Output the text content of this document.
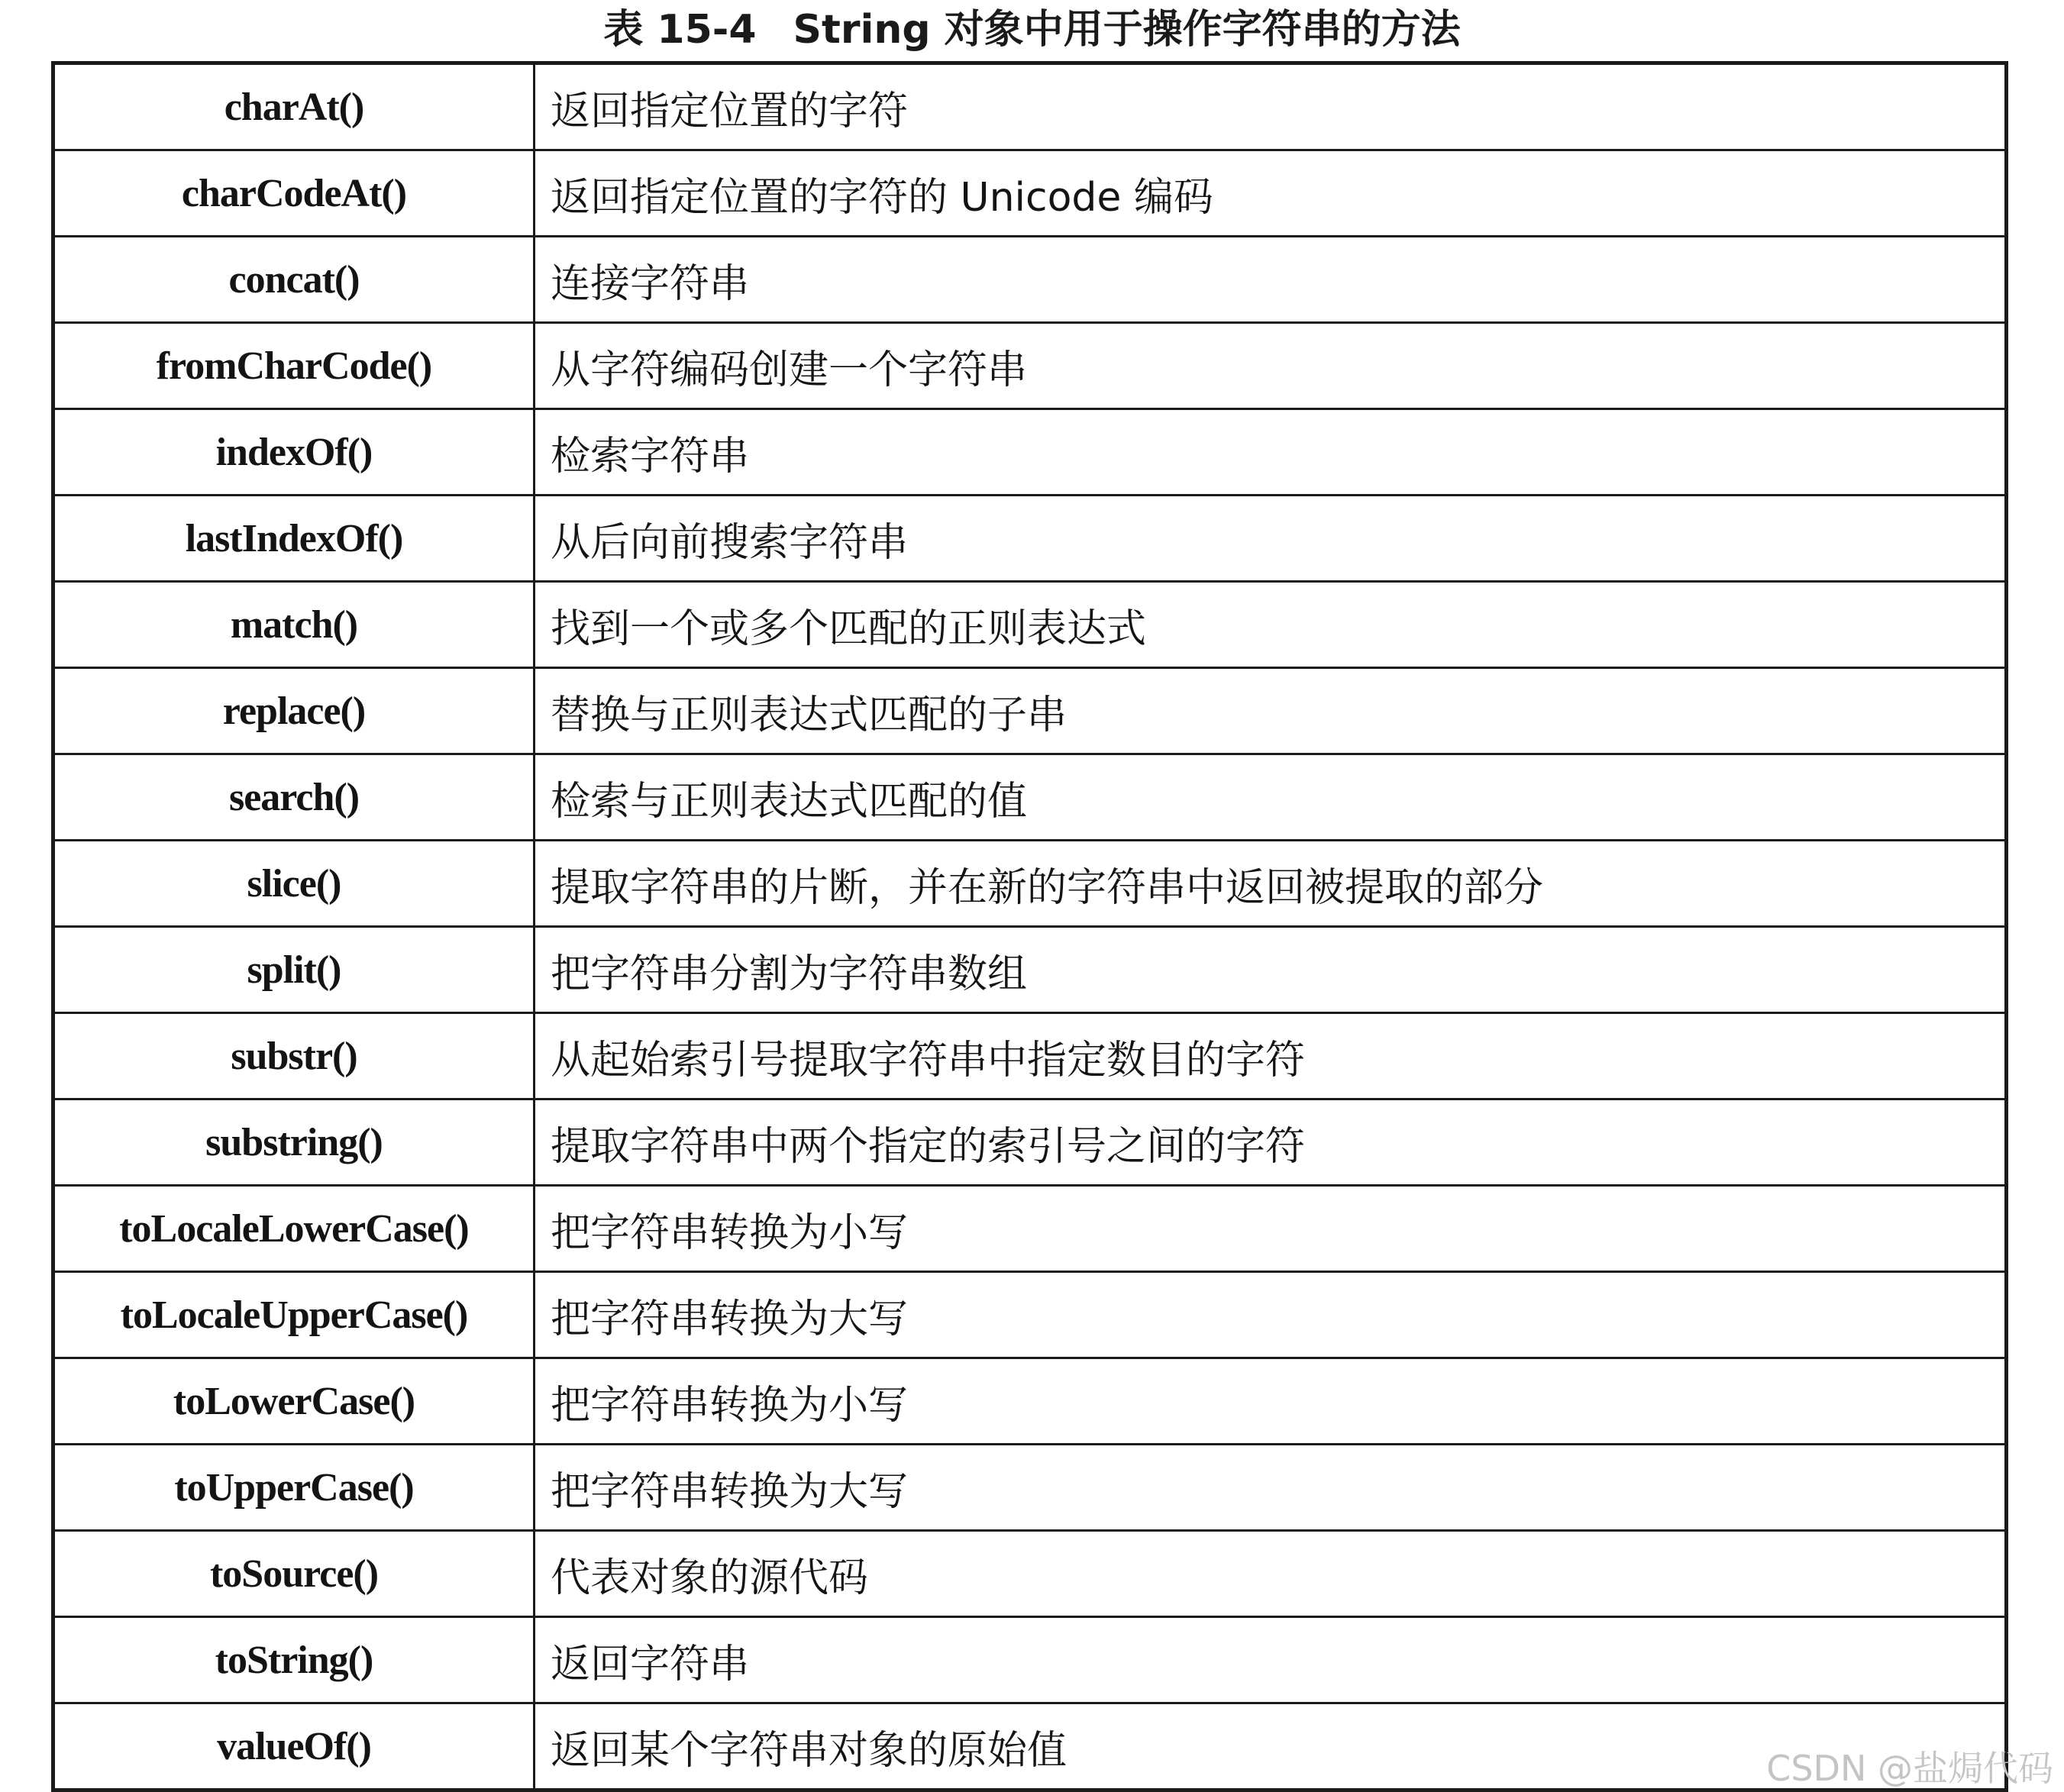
表 15-4 String 对象中用于操作字符串的方法
charAt()	返回指定位置的字符
charCodeAt()	返回指定位置的字符的 Unicode 编码
concat()	连接字符串
fromCharCode()	从字符编码创建一个字符串
indexOf()	检索字符串
lastIndexOf()	从后向前搜索字符串
match()	找到一个或多个匹配的正则表达式
replace()	替换与正则表达式匹配的子串
search()	检索与正则表达式匹配的值
slice()	提取字符串的片断，并在新的字符串中返回被提取的部分
split()	把字符串分割为字符串数组
substr()	从起始索引号提取字符串中指定数目的字符
substring()	提取字符串中两个指定的索引号之间的字符
toLocaleLowerCase()	把字符串转换为小写
toLocaleUpperCase()	把字符串转换为大写
toLowerCase()	把字符串转换为小写
toUpperCase()	把字符串转换为大写
toSource()	代表对象的源代码
toString()	返回字符串
valueOf()	返回某个字符串对象的原始值	CSDN @盐焗代码
